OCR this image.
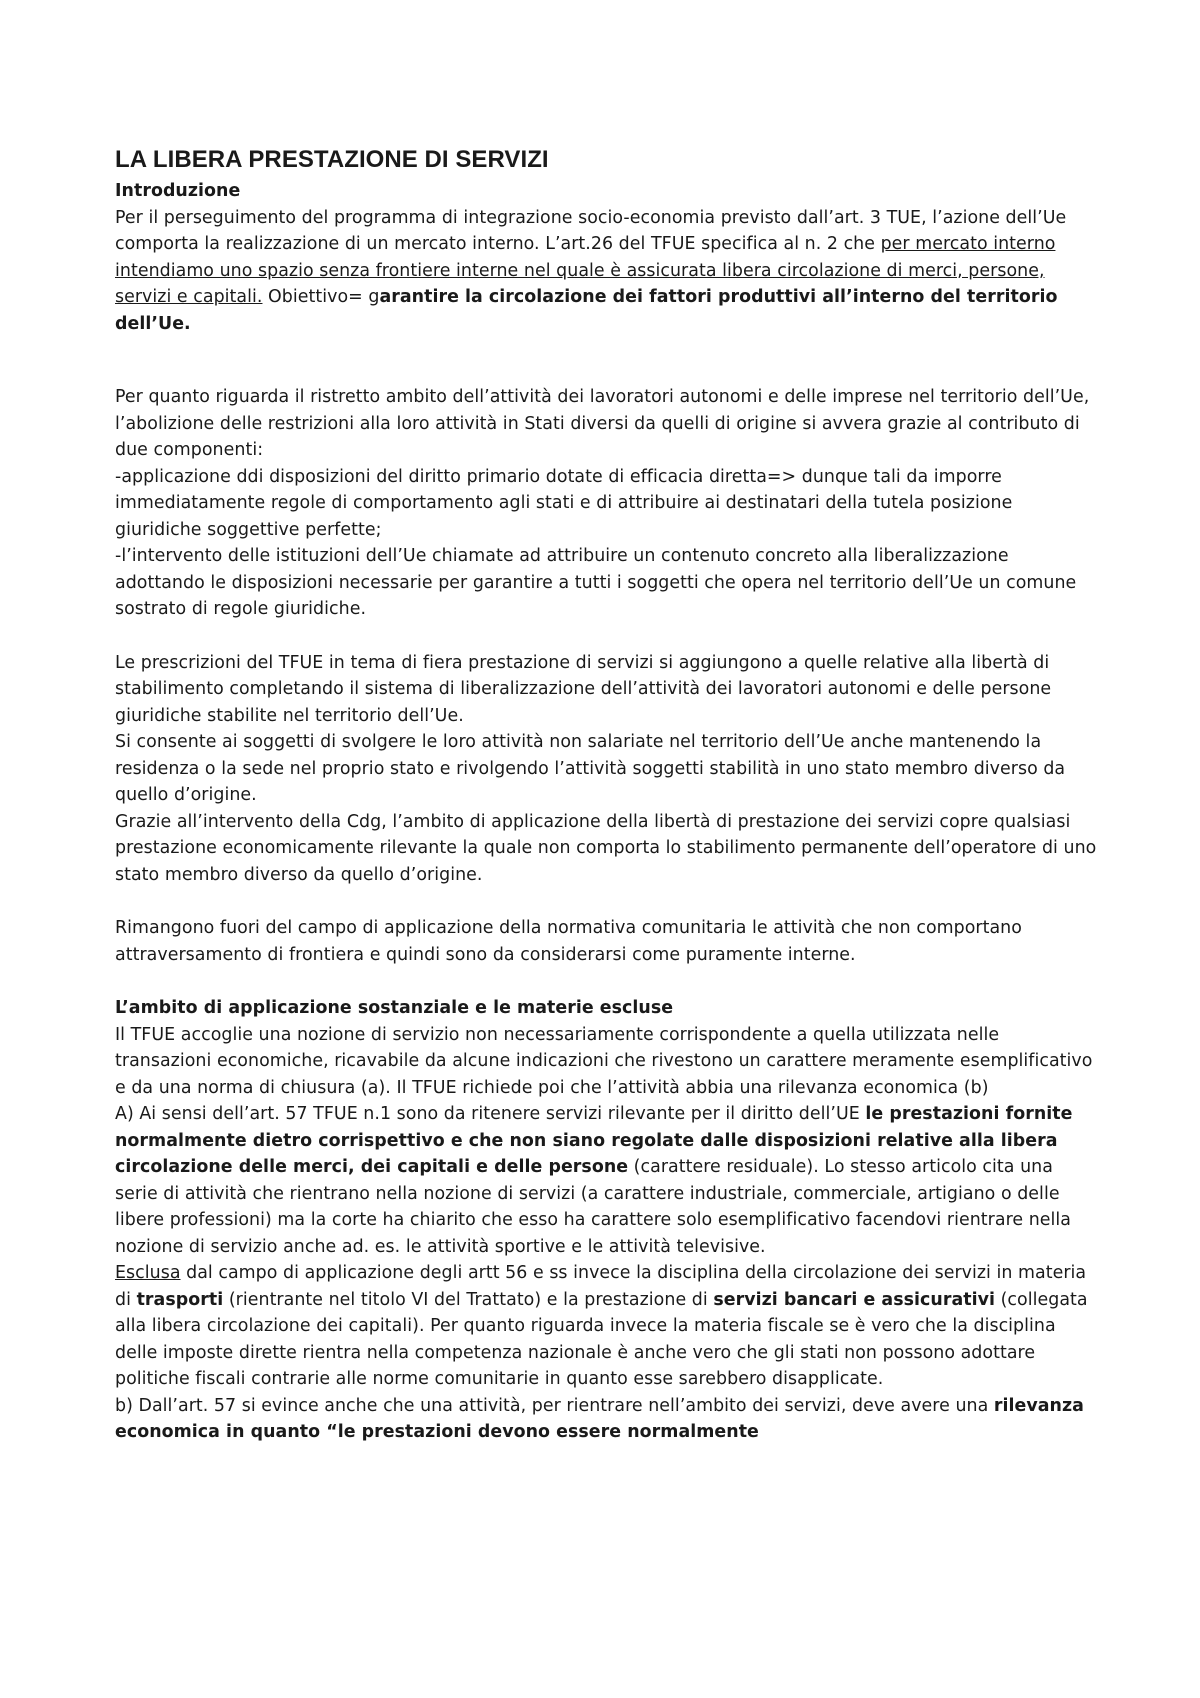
LA LIBERA PRESTAZIONE DI SERVIZI
Introduzione

Per il perseguimento del programma di integrazione socio-economia previsto dall’art. 3 TUE, l’azione dell’Ue comporta la realizzazione di un mercato interno. L’art.26 del TFUE specifica al n. 2 che per mercato interno intendiamo uno spazio senza frontiere interne nel quale è assicurata libera circolazione di merci, persone, servizi e capitali. Obiettivo= garantire la circolazione dei fattori produttivi all’interno del territorio dell’Ue.

Per quanto riguarda il ristretto ambito dell’attività dei lavoratori autonomi e delle imprese nel territorio dell’Ue, l’abolizione delle restrizioni alla loro attività in Stati diversi da quelli di origine si avvera grazie al contributo di due componenti:

-applicazione ddi disposizioni del diritto primario dotate di efficacia diretta=> dunque tali da imporre immediatamente regole di comportamento agli stati e di attribuire ai destinatari della tutela posizione giuridiche soggettive perfette;

-l’intervento delle istituzioni dell’Ue chiamate ad attribuire un contenuto concreto alla liberalizzazione adottando le disposizioni necessarie per garantire a tutti i soggetti che opera nel territorio dell’Ue un comune sostrato di regole giuridiche.

Le prescrizioni del TFUE in tema di fiera prestazione di servizi si aggiungono a quelle relative alla libertà di stabilimento completando il sistema di liberalizzazione dell’attività dei lavoratori autonomi e delle persone giuridiche stabilite nel territorio dell’Ue.

Si consente ai soggetti di svolgere le loro attività non salariate nel territorio dell’Ue anche mantenendo la residenza o la sede nel proprio stato e rivolgendo l’attività soggetti stabilità in uno stato membro diverso da quello d’origine.

Grazie all’intervento della Cdg, l’ambito di applicazione della libertà di prestazione dei servizi copre qualsiasi prestazione economicamente rilevante la quale non comporta lo stabilimento permanente dell’operatore di uno stato membro diverso da quello d’origine.

Rimangono fuori del campo di applicazione della normativa comunitaria le attività che non comportano attraversamento di frontiera e quindi sono da considerarsi come puramente interne.

L’ambito di applicazione sostanziale e le materie escluse

Il TFUE accoglie una nozione di servizio non necessariamente corrispondente a quella utilizzata nelle transazioni economiche, ricavabile da alcune indicazioni che rivestono un carattere meramente esemplificativo e da una norma di chiusura (a). Il TFUE richiede poi che l’attività abbia una rilevanza economica (b)

A) Ai sensi dell’art. 57 TFUE n.1 sono da ritenere servizi rilevante per il diritto dell’UE le prestazioni fornite normalmente dietro corrispettivo e che non siano regolate dalle disposizioni relative alla libera circolazione delle merci, dei capitali e delle persone (carattere residuale). Lo stesso articolo cita una serie di attività che rientrano nella nozione di servizi (a carattere industriale, commerciale, artigiano o delle libere professioni) ma la corte ha chiarito che esso ha carattere solo esemplificativo facendovi rientrare nella nozione di servizio anche ad. es. le attività sportive e le attività televisive.

Esclusa dal campo di applicazione degli artt 56 e ss invece la disciplina della circolazione dei servizi in materia di trasporti (rientrante nel titolo VI del Trattato) e la prestazione di servizi bancari e assicurativi (collegata alla libera circolazione dei capitali). Per quanto riguarda invece la materia fiscale se è vero che la disciplina delle imposte dirette rientra nella competenza nazionale è anche vero che gli stati non possono adottare politiche fiscali contrarie alle norme comunitarie in quanto esse sarebbero disapplicate.

b) Dall’art. 57 si evince anche che una attività, per rientrare nell’ambito dei servizi, deve avere una rilevanza economica in quanto “le prestazioni devono essere normalmente
